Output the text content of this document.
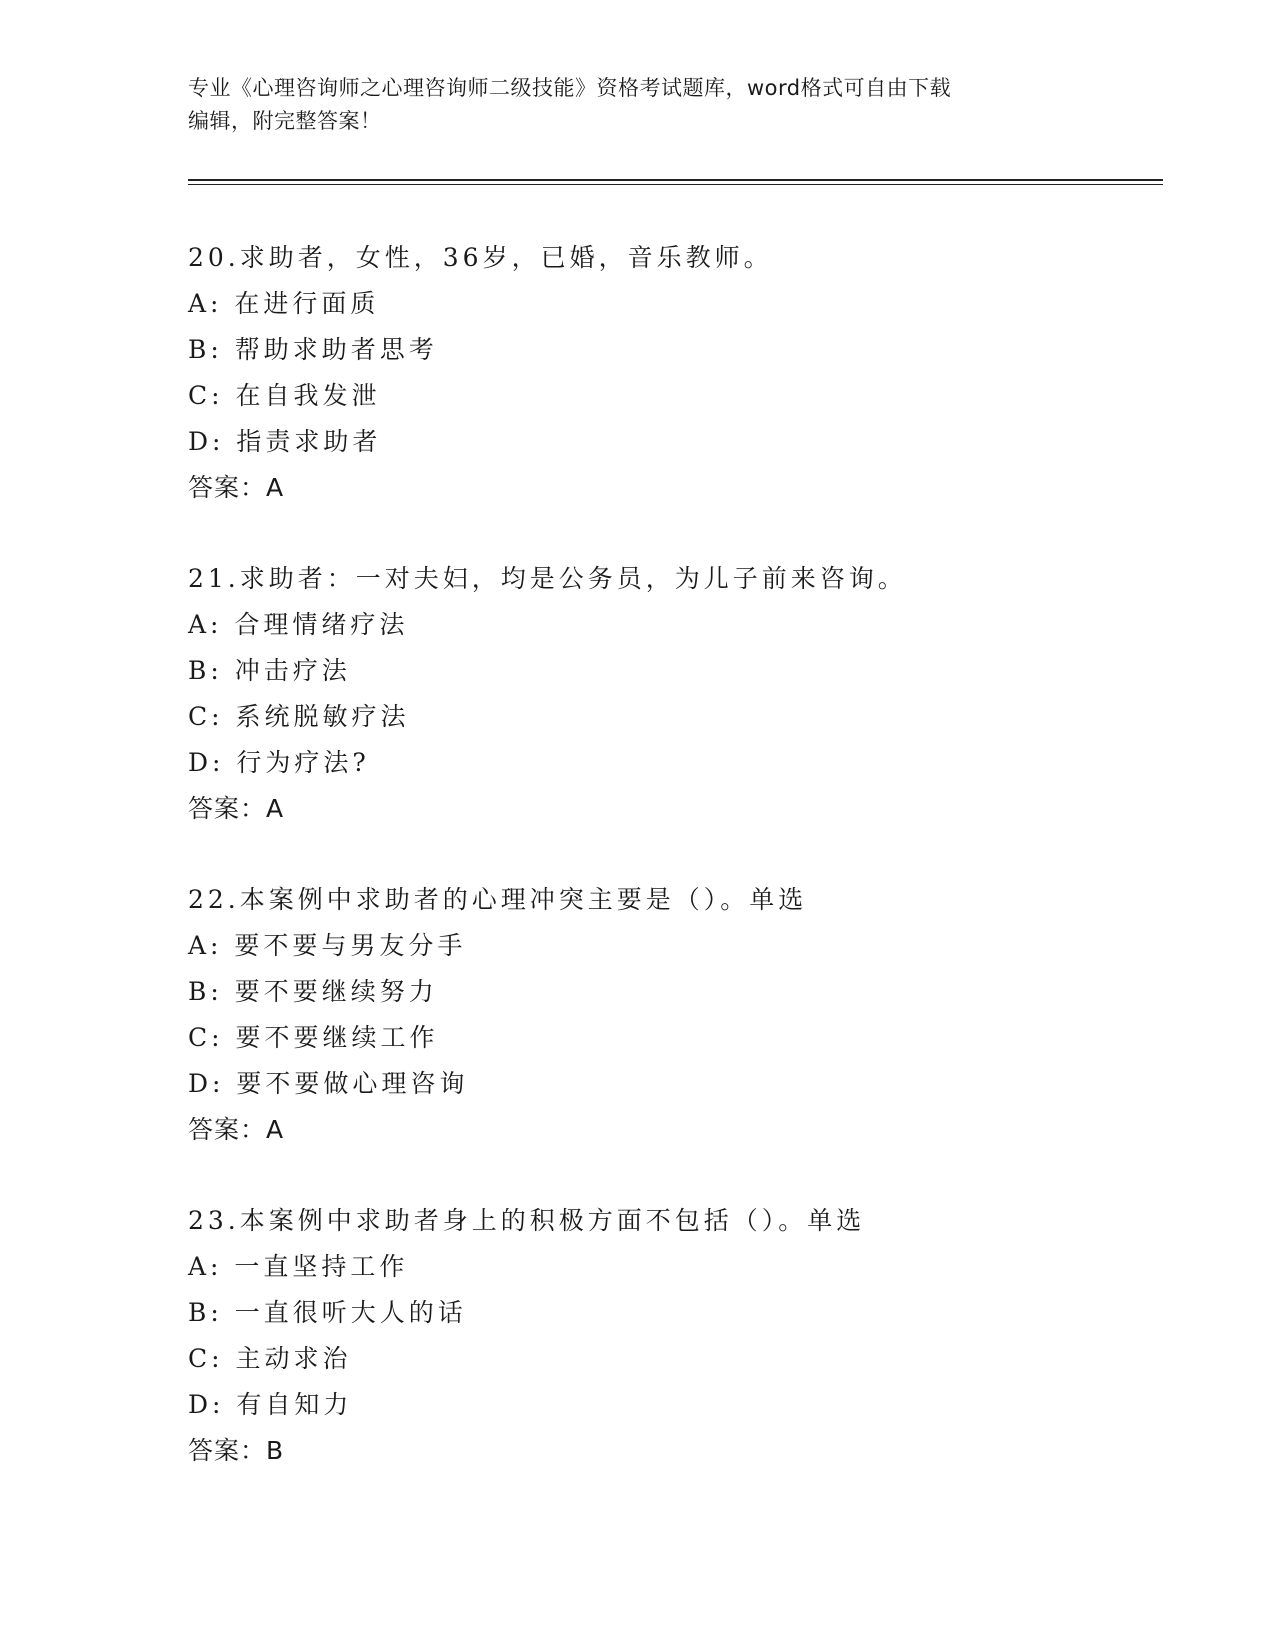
专业《心理咨询师之心理咨询师二级技能》资格考试题库，word格式可自由下载
编辑，附完整答案！
20.求助者，女性，36岁，已婚，音乐教师。
A: 在进行面质
B: 帮助求助者思考
C: 在自我发泄
D: 指责求助者
答案：A
21.求助者：一对夫妇，均是公务员，为儿子前来咨询。
A: 合理情绪疗法
B: 冲击疗法
C: 系统脱敏疗法
D: 行为疗法?
答案：A
22.本案例中求助者的心理冲突主要是（）。单选
A: 要不要与男友分手
B: 要不要继续努力
C: 要不要继续工作
D: 要不要做心理咨询
答案：A
23.本案例中求助者身上的积极方面不包括（）。单选
A: 一直坚持工作
B: 一直很听大人的话
C: 主动求治
D: 有自知力
答案：B
